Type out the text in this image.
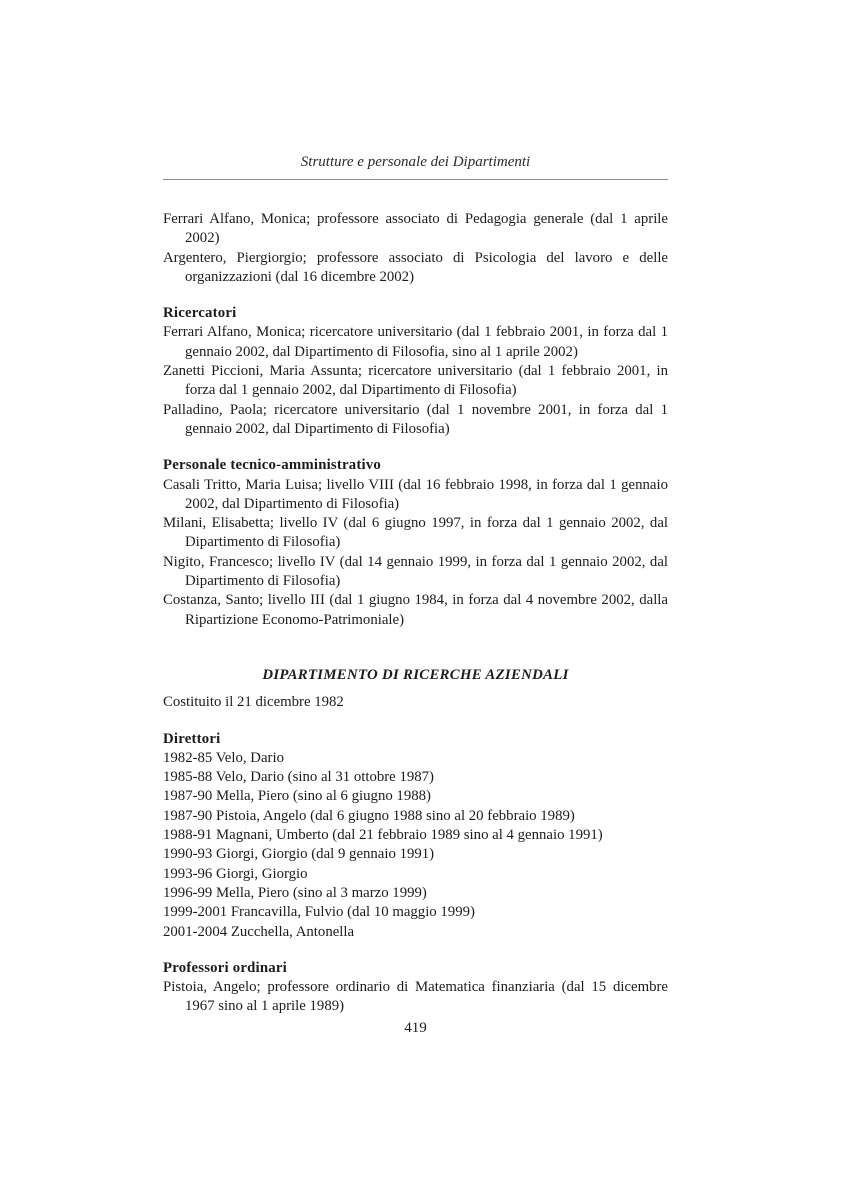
Strutture e personale dei Dipartimenti

Ferrari Alfano, Monica; professore associato di Pedagogia generale (dal 1 aprile 2002)

Argentero, Piergiorgio; professore associato di Psicologia del lavoro e delle organizzazioni (dal 16 dicembre 2002)

Ricercatori

Ferrari Alfano, Monica; ricercatore universitario (dal 1 febbraio 2001, in forza dal 1 gennaio 2002, dal Dipartimento di Filosofia, sino al 1 aprile 2002)

Zanetti Piccioni, Maria Assunta; ricercatore universitario (dal 1 febbraio 2001, in forza dal 1 gennaio 2002, dal Dipartimento di Filosofia)

Palladino, Paola; ricercatore universitario (dal 1 novembre 2001, in forza dal 1 gennaio 2002, dal Dipartimento di Filosofia)

Personale tecnico-amministrativo

Casali Tritto, Maria Luisa; livello VIII (dal 16 febbraio 1998, in forza dal 1 gennaio 2002, dal Dipartimento di Filosofia)

Milani, Elisabetta; livello IV (dal 6 giugno 1997, in forza dal 1 gennaio 2002, dal Dipartimento di Filosofia)

Nigito, Francesco; livello IV (dal 14 gennaio 1999, in forza dal 1 gennaio 2002, dal Dipartimento di Filosofia)

Costanza, Santo; livello III (dal 1 giugno 1984, in forza dal 4 novembre 2002, dalla Ripartizione Economo-Patrimoniale)

DIPARTIMENTO DI RICERCHE AZIENDALI

Costituito il 21 dicembre 1982

Direttori

1982-85 Velo, Dario

1985-88 Velo, Dario (sino al 31 ottobre 1987)

1987-90 Mella, Piero (sino al 6 giugno 1988)

1987-90 Pistoia, Angelo (dal 6 giugno 1988 sino al 20 febbraio 1989)

1988-91 Magnani, Umberto (dal 21 febbraio 1989 sino al 4 gennaio 1991)

1990-93 Giorgi, Giorgio (dal 9 gennaio 1991)

1993-96 Giorgi, Giorgio

1996-99 Mella, Piero (sino al 3 marzo 1999)

1999-2001 Francavilla, Fulvio (dal 10 maggio 1999)

2001-2004 Zucchella, Antonella

Professori ordinari

Pistoia, Angelo; professore ordinario di Matematica finanziaria (dal 15 dicembre 1967 sino al 1 aprile 1989)

419
